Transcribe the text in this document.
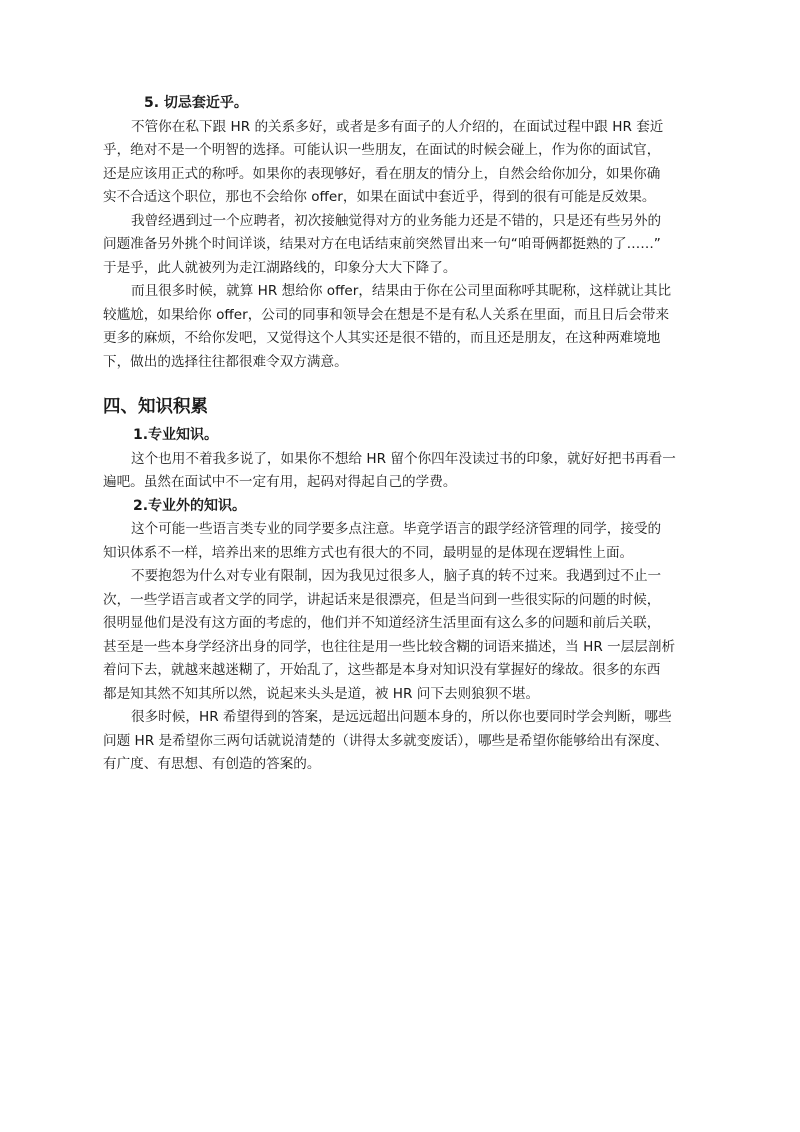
5. 切忌套近乎。

不管你在私下跟 HR 的关系多好，或者是多有面子的人介绍的，在面试过程中跟 HR 套近
乎，绝对不是一个明智的选择。可能认识一些朋友，在面试的时候会碰上，作为你的面试官，
还是应该用正式的称呼。如果你的表现够好，看在朋友的情分上，自然会给你加分，如果你确
实不合适这个职位，那也不会给你 offer，如果在面试中套近乎，得到的很有可能是反效果。

我曾经遇到过一个应聘者，初次接触觉得对方的业务能力还是不错的，只是还有些另外的
问题准备另外挑个时间详谈，结果对方在电话结束前突然冒出来一句“咱哥俩都挺熟的了……”
于是乎，此人就被列为走江湖路线的，印象分大大下降了。

而且很多时候，就算 HR 想给你 offer，结果由于你在公司里面称呼其昵称，这样就让其比
较尴尬，如果给你 offer，公司的同事和领导会在想是不是有私人关系在里面，而且日后会带来
更多的麻烦，不给你发吧，又觉得这个人其实还是很不错的，而且还是朋友，在这种两难境地
下，做出的选择往往都很难令双方满意。

四、知识积累

1.专业知识。

这个也用不着我多说了，如果你不想给 HR 留个你四年没读过书的印象，就好好把书再看一
遍吧。虽然在面试中不一定有用，起码对得起自己的学费。

2.专业外的知识。

这个可能一些语言类专业的同学要多点注意。毕竟学语言的跟学经济管理的同学，接受的
知识体系不一样，培养出来的思维方式也有很大的不同，最明显的是体现在逻辑性上面。

不要抱怨为什么对专业有限制，因为我见过很多人，脑子真的转不过来。我遇到过不止一
次，一些学语言或者文学的同学，讲起话来是很漂亮，但是当问到一些很实际的问题的时候，
很明显他们是没有这方面的考虑的，他们并不知道经济生活里面有这么多的问题和前后关联，
甚至是一些本身学经济出身的同学，也往往是用一些比较含糊的词语来描述，当 HR 一层层剖析
着问下去，就越来越迷糊了，开始乱了，这些都是本身对知识没有掌握好的缘故。很多的东西
都是知其然不知其所以然，说起来头头是道，被 HR 问下去则狼狈不堪。

很多时候，HR 希望得到的答案，是远远超出问题本身的，所以你也要同时学会判断，哪些
问题 HR 是希望你三两句话就说清楚的（讲得太多就变废话），哪些是希望你能够给出有深度、
有广度、有思想、有创造的答案的。
